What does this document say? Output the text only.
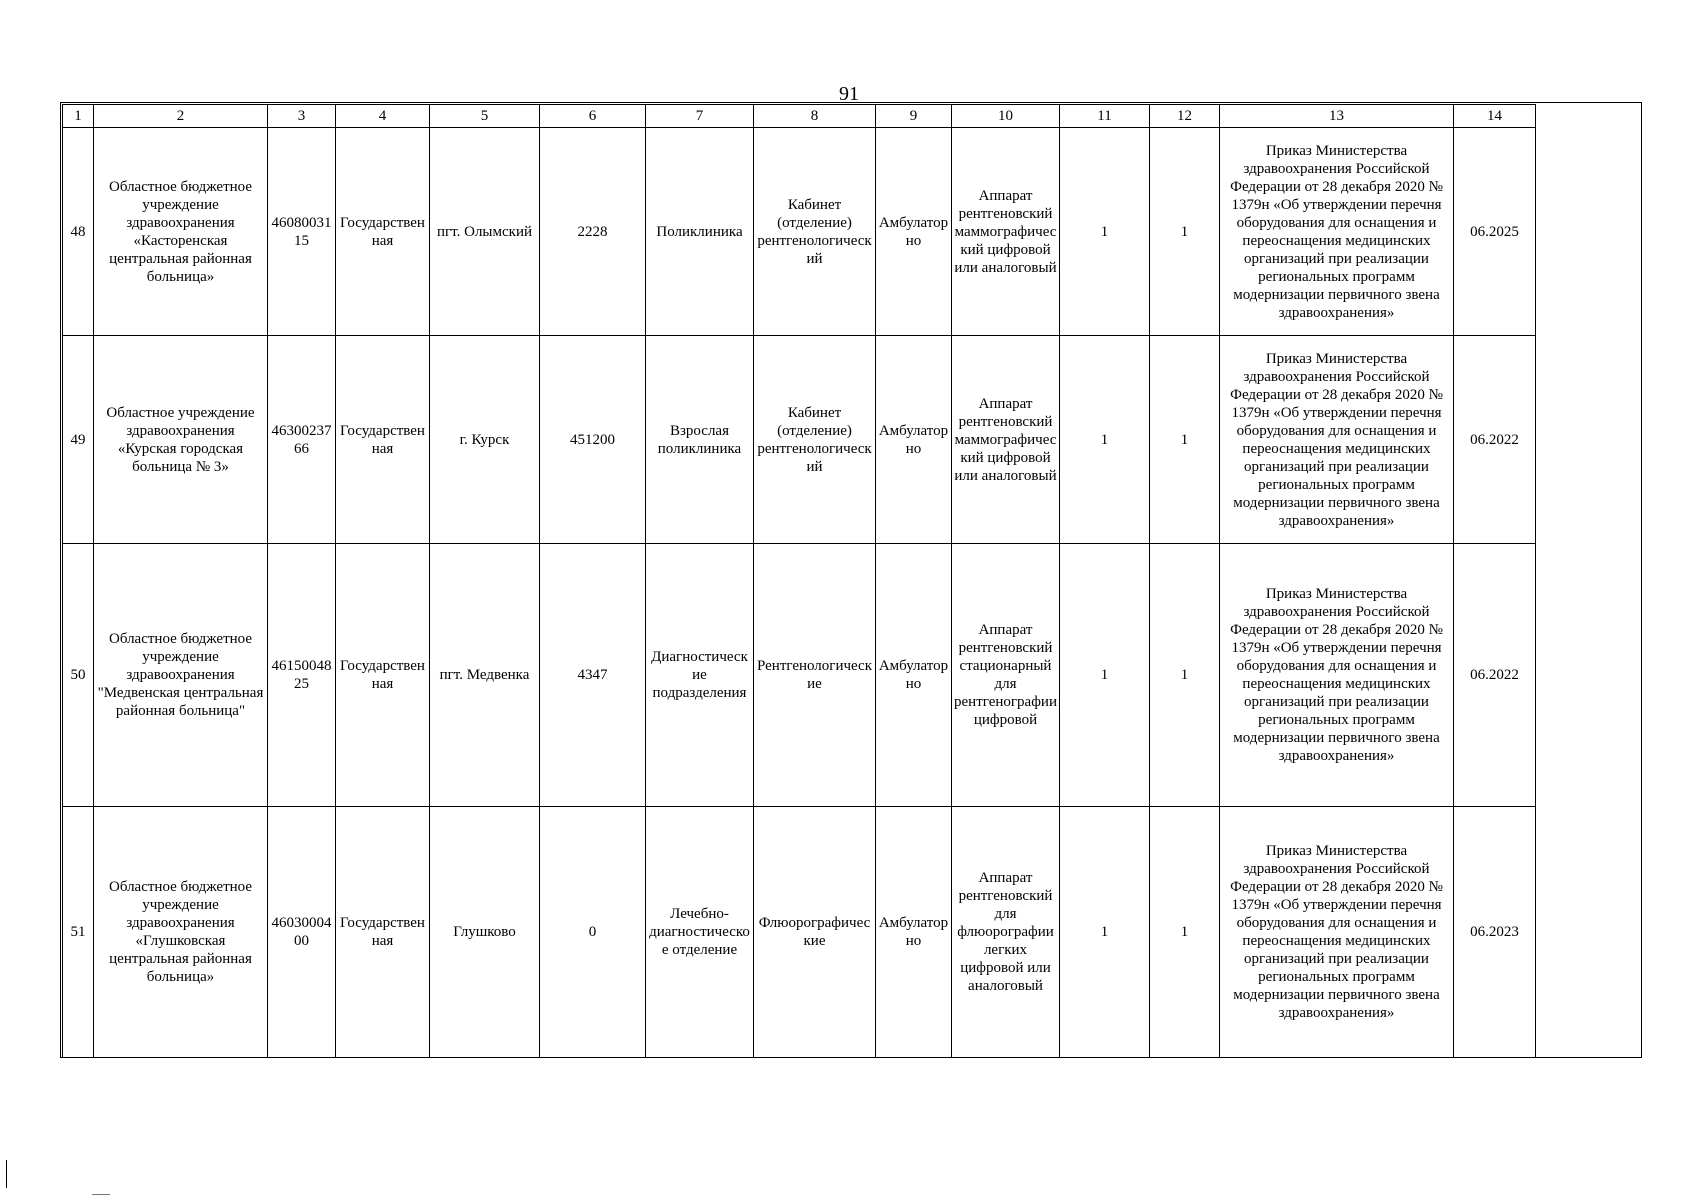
91
1	2	3	4	5	6	7	8	9	10	11	12	13	14
48	Областное бюджетное учреждение здравоохранения «Касторенская центральная районная больница»	4608003115	Государственная	пгт. Олымский	2228	Поликлиника	Кабинет (отделение) рентгенологический	Амбулаторно	Аппарат рентгеновский маммографический цифровой или аналоговый	1	1	Приказ Министерства здравоохранения Российской Федерации от 28 декабря 2020 № 1379н «Об утверждении перечня оборудования для оснащения и переоснащения медицинских организаций при реализации региональных программ модернизации первичного звена здравоохранения»	06.2025
49	Областное учреждение здравоохранения «Курская городская больница № 3»	4630023766	Государственная	г. Курск	451200	Взрослая поликлиника	Кабинет (отделение) рентгенологический	Амбулаторно	Аппарат рентгеновский маммографический цифровой или аналоговый	1	1	Приказ Министерства здравоохранения Российской Федерации от 28 декабря 2020 № 1379н «Об утверждении перечня оборудования для оснащения и переоснащения медицинских организаций при реализации региональных программ модернизации первичного звена здравоохранения»	06.2022
50	Областное бюджетное учреждение здравоохранения "Медвенская центральная районная больница"	4615004825	Государственная	пгт. Медвенка	4347	Диагностические подразделения	Рентгенологические	Амбулаторно	Аппарат рентгеновский стационарный для рентгенографии цифровой	1	1	Приказ Министерства здравоохранения Российской Федерации от 28 декабря 2020 № 1379н «Об утверждении перечня оборудования для оснащения и переоснащения медицинских организаций при реализации региональных программ модернизации первичного звена здравоохранения»	06.2022
51	Областное бюджетное учреждение здравоохранения «Глушковская центральная районная больница»	4603000400	Государственная	Глушково	0	Лечебно-диагностическое отделение	Флюорографические	Амбулаторно	Аппарат рентгеновский для флюорографии легких цифровой или аналоговый	1	1	Приказ Министерства здравоохранения Российской Федерации от 28 декабря 2020 № 1379н «Об утверждении перечня оборудования для оснащения и переоснащения медицинских организаций при реализации региональных программ модернизации первичного звена здравоохранения»	06.2023
